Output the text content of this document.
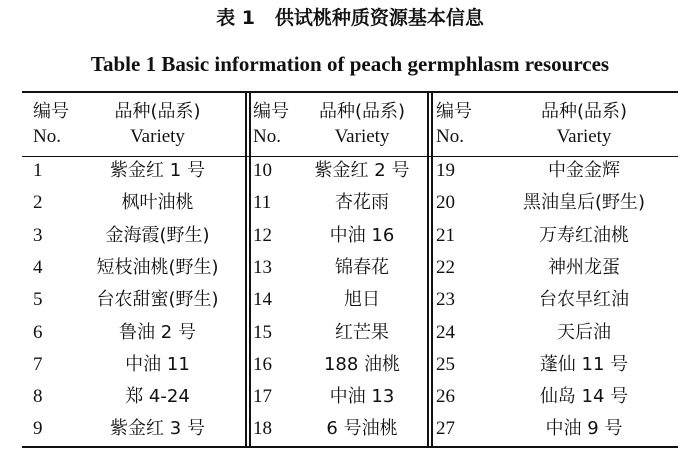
表 1   供试桃种质资源基本信息
Table 1 Basic information of peach germphlasm resources
编号
No.
品种(品系)
Variety
1	紫金红 1 号
2	枫叶油桃
3	金海霞(野生)
4	短枝油桃(野生)
5	台农甜蜜(野生)
6	鲁油 2 号
7	中油 11
8	郑 4-24
9	紫金红 3 号
编号
No.
品种(品系)
Variety
10	紫金红 2 号
11	杏花雨
12	中油 16
13	锦春花
14	旭日
15	红芒果
16	188 油桃
17	中油 13
18	6 号油桃
编号
No.
品种(品系)
Variety
19	中金金辉
20	黑油皇后(野生)
21	万寿红油桃
22	神州龙蛋
23	台农早红油
24	天后油
25	蓬仙 11 号
26	仙岛 14 号
27	中油 9 号
